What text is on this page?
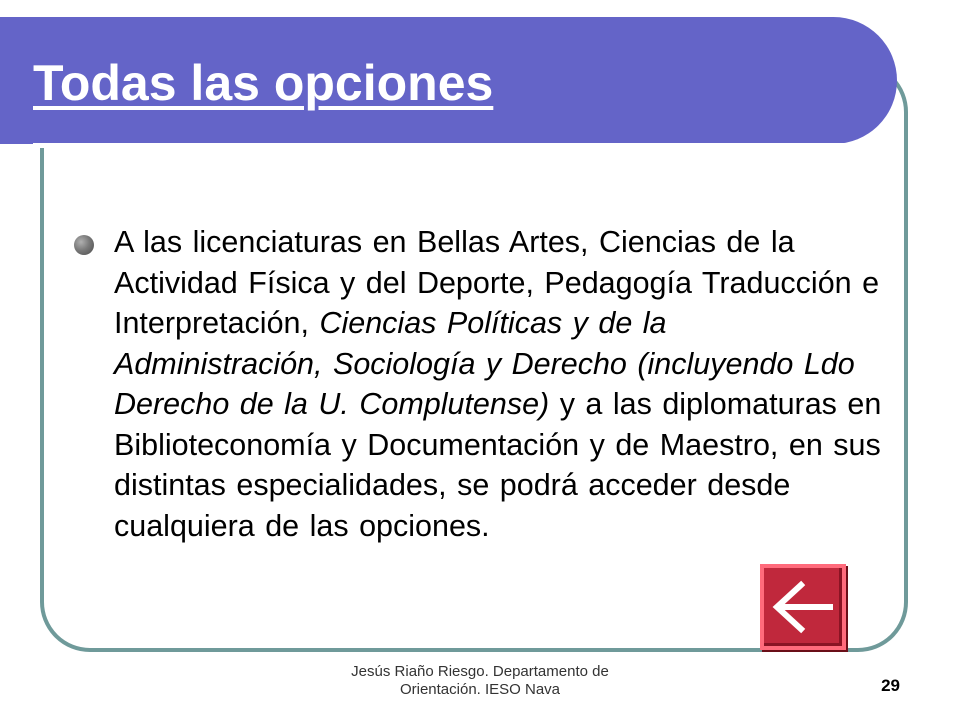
Todas las opciones
A las licenciaturas en Bellas Artes, Ciencias de la Actividad Física y del Deporte, Pedagogía Traducción e Interpretación, Ciencias Políticas y de la Administración, Sociología y Derecho (incluyendo Ldo Derecho de la U. Complutense) y a las diplomaturas en Biblioteconomía y Documentación y de Maestro, en sus distintas especialidades, se podrá acceder desde cualquiera de las opciones.
Jesús Riaño Riesgo. Departamento de
Orientación. IESO Nava	29
